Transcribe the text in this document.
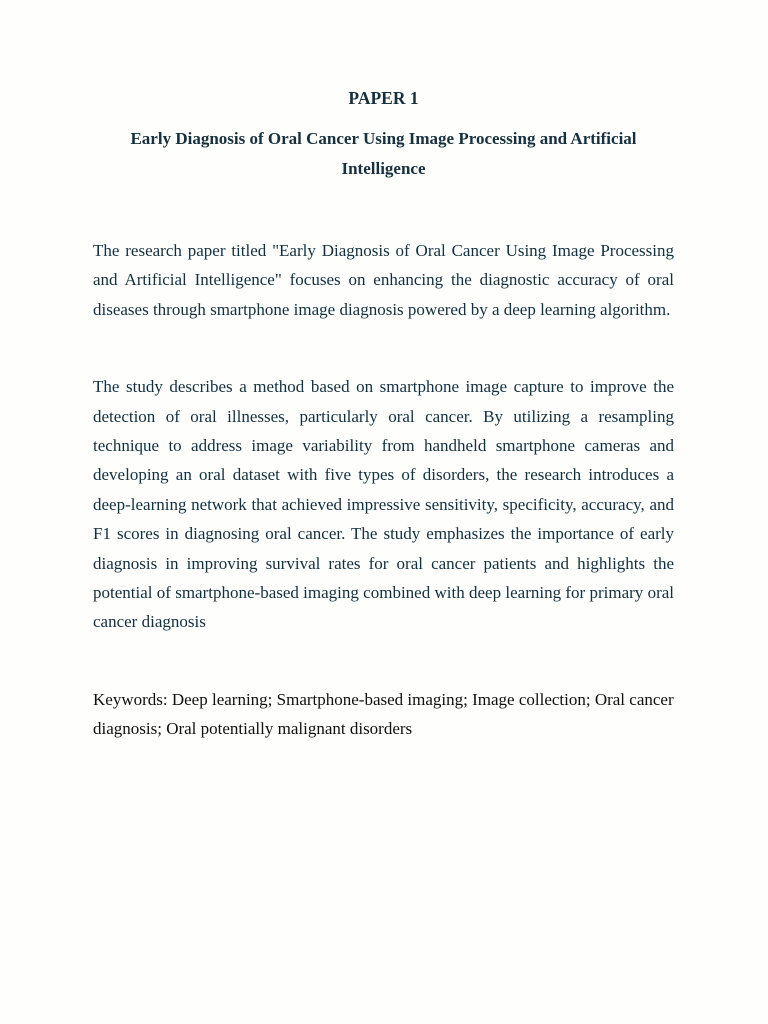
PAPER 1
Early Diagnosis of Oral Cancer Using Image Processing and Artificial Intelligence

The research paper titled "Early Diagnosis of Oral Cancer Using Image Processing and Artificial Intelligence" focuses on enhancing the diagnostic accuracy of oral diseases through smartphone image diagnosis powered by a deep learning algorithm.

The study describes a method based on smartphone image capture to improve the detection of oral illnesses, particularly oral cancer. By utilizing a resampling technique to address image variability from handheld smartphone cameras and developing an oral dataset with five types of disorders, the research introduces a deep-learning network that achieved impressive sensitivity, specificity, accuracy, and F1 scores in diagnosing oral cancer. The study emphasizes the importance of early diagnosis in improving survival rates for oral cancer patients and highlights the potential of smartphone-based imaging combined with deep learning for primary oral cancer diagnosis

Keywords: Deep learning; Smartphone-based imaging; Image collection; Oral cancer diagnosis; Oral potentially malignant disorders
